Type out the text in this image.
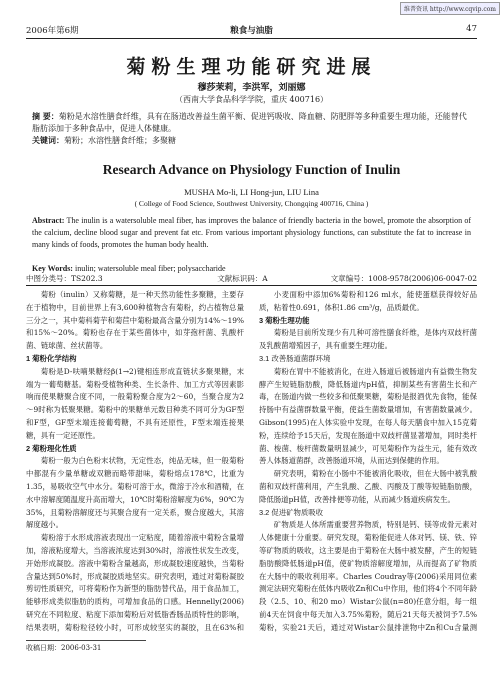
维普资讯 http://www.cqvip.com
2006年第6期	粮食与油脂	47
菊粉生理功能研究进展
穆莎茉莉，李洪军，刘丽娜
（西南大学食品科学学院，重庆 400716）
摘 要：菊粉是水溶性膳食纤维，具有在肠道改善益生菌平衡、促进钙吸收、降血糖、防肥胖等多种重要生理功能，还能替代脂肪添加于多种食品中，促进人体健康。
关键词：菊粉；水溶性膳食纤维；多聚糖
Research Advance on Physiology Function of Inulin
MUSHA Mo-li, LI Hong-jun, LIU Lina
( College of Food Science, Southwest University, Chongqing 400716, China )
Abstract: The inulin is a watersoluble meal fiber, has improves the balance of friendly bacteria in the bowel, promote the absorption of the calcium, decline blood sugar and prevent fat etc. From various important physiology functions, can substitute the fat to increase in many kinds of foods, promotes the human body health.
Key Words: inulin; watersoluble meal fiber; polysaccharide
中图分类号：TS202.3	文献标识码：A	文章编号：1008-9578(2006)06-0047-02

菊粉（inulin）又称菊糖，是一种天然功能性多聚糖，主要存在于植物中，目前世界上有3,600种植物含有菊粉，约占植物总量三分之一，其中菊科菊芋和菊苣中菊粉最高含量分别为14%～19%和15%～20%。菊粉也存在于某些菌体中，如芽孢杆菌、乳酸杆菌、链球菌、丝状菌等。

1 菊粉化学结构

菊粉是D-呋喃果糖经β(1→2)键相连形成直链状多聚果糖，末端为一葡萄糖基。菊粉受植物种类、生长条件、加工方式等因素影响而使果糖聚合度不同，一般菊粉聚合度为2～60，当聚合度为2～9时称为低聚果糖。菊粉中的果糖单元数目种类不同可分为GF型和F型，GF型末端连接葡萄糖，不具有还原性，F型末端连接果糖，具有一定还原性。

2 菊粉理化性质

菊粉一般为白色粉末状物，无定性态，纯品无味，但一般菊粉中都混有少量单糖或双糖而略带甜味，菊粉熔点178℃，比重为1.35，易吸收空气中水分。菊粉可溶于水，微溶于冷水和酒精，在水中溶解度随温度升高而增大，10℃时菊粉溶解度为6%，90℃为35%，且菊粉溶解度还与其聚合度有一定关系，聚合度越大，其溶解度越小。

菊粉溶于水形成溶液表现出一定粘度，随着溶液中菊粉含量增加，溶液粘度增大，当溶液浓度达到30%时，溶液性状发生改变，开始形成凝胶。溶液中菊粉含量越高，形成凝胶速度越快，当菊粉含量达到50%时，形成凝胶质地坚实。研究表明，通过对菊粉凝胶剪切性质研究，可将菊粉作为新型的脂肪替代品，用于食品加工，能够形成类似脂肪的质构，可增加食品的口感。Hennelly(2006)研究在不同粒度、粘度下添加菊粉后对低脂香肠品质特性的影响，结果表明，菊粉粒径较小时，可形成较坚实的凝胶，且在63%和

小麦面粉中添加6%菊粉和126 ml水，能使蛋糕获得较好品质，粘着性0.691，体积1.86 cm³/g，品质最优。

3 菊粉生理功能

菊粉是目前所发现少有几种可溶性膳食纤维，是体内双歧杆菌及乳酸菌增殖因子，具有重要生理功能。

3.1 改善肠道菌群环境

菊粉在胃中不能被消化，在进入肠道后被肠道内有益微生物发酵产生短链脂肪酸，降低肠道内pH值，抑制某些有害菌生长和产毒，在肠道内做一些较多和低聚果糖，菊粉是报酒优先食物，能保持肠中有益菌群数量平衡，使益生菌数量增加，有害菌数量减少。Gibson(1995)在人体实验中发现，在每人每天膳食中加入15克菊粉，连续给予15天后，发现在肠道中双歧杆菌显著增加，同时类杆菌、梭菌、梭杆菌数量明显减少，可见菊粉作为益生元，能有效改善人体肠道菌群，改善肠道环境，从而达到保健的作用。

研究表明，菊粉在小肠中不能被消化吸收，但在大肠中被乳酸菌和双歧杆菌利用，产生乳酸、乙酸、丙酸及丁酸等短链脂肪酸，降低肠道pH值，改善排便等功能，从而减少肠道疾病发生。

3.2 促进矿物质吸收

矿物质是人体所需重要营养物质，特别是钙、镁等成骨元素对人体健康十分重要。研究发现，菊粉能促进人体对钙、镁、铁、锌等矿物质的吸收，这主要是由于菊粉在大肠中被发酵，产生的短链脂肪酸降低肠道pH值，使矿物质溶解度增加，从而提高了矿物质在大肠中的吸收利用率。Charles Coudray等(2006)采用同位素测定法研究菊粉在低体内吸收Zn和Cu中作用，他们将4个不同年龄段（2.5、10、和20 mo）Wistar公鼠(n=80)任意分组，每一组前4天在饲食中每天加入3.75%菊粉，随后21天每天被饲予7.5%菊粉，实验21天后，通过对Wistar公鼠排泄物中Zn和Cu含量测

收稿日期：2006-03-31
